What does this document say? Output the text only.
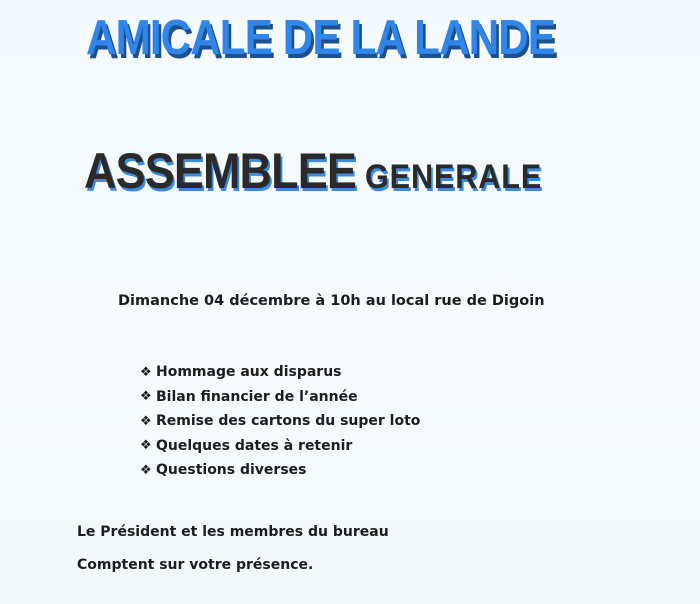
AMICALE DE LA LANDE
ASSEMBLEE GENERALE
Dimanche 04 décembre à 10h au local rue de Digoin
❖ Hommage aux disparus
❖ Bilan financier de l’année
❖ Remise des cartons du super loto
❖ Quelques dates à retenir
❖ Questions diverses
Le Président et les membres du bureau
Comptent sur votre présence.
